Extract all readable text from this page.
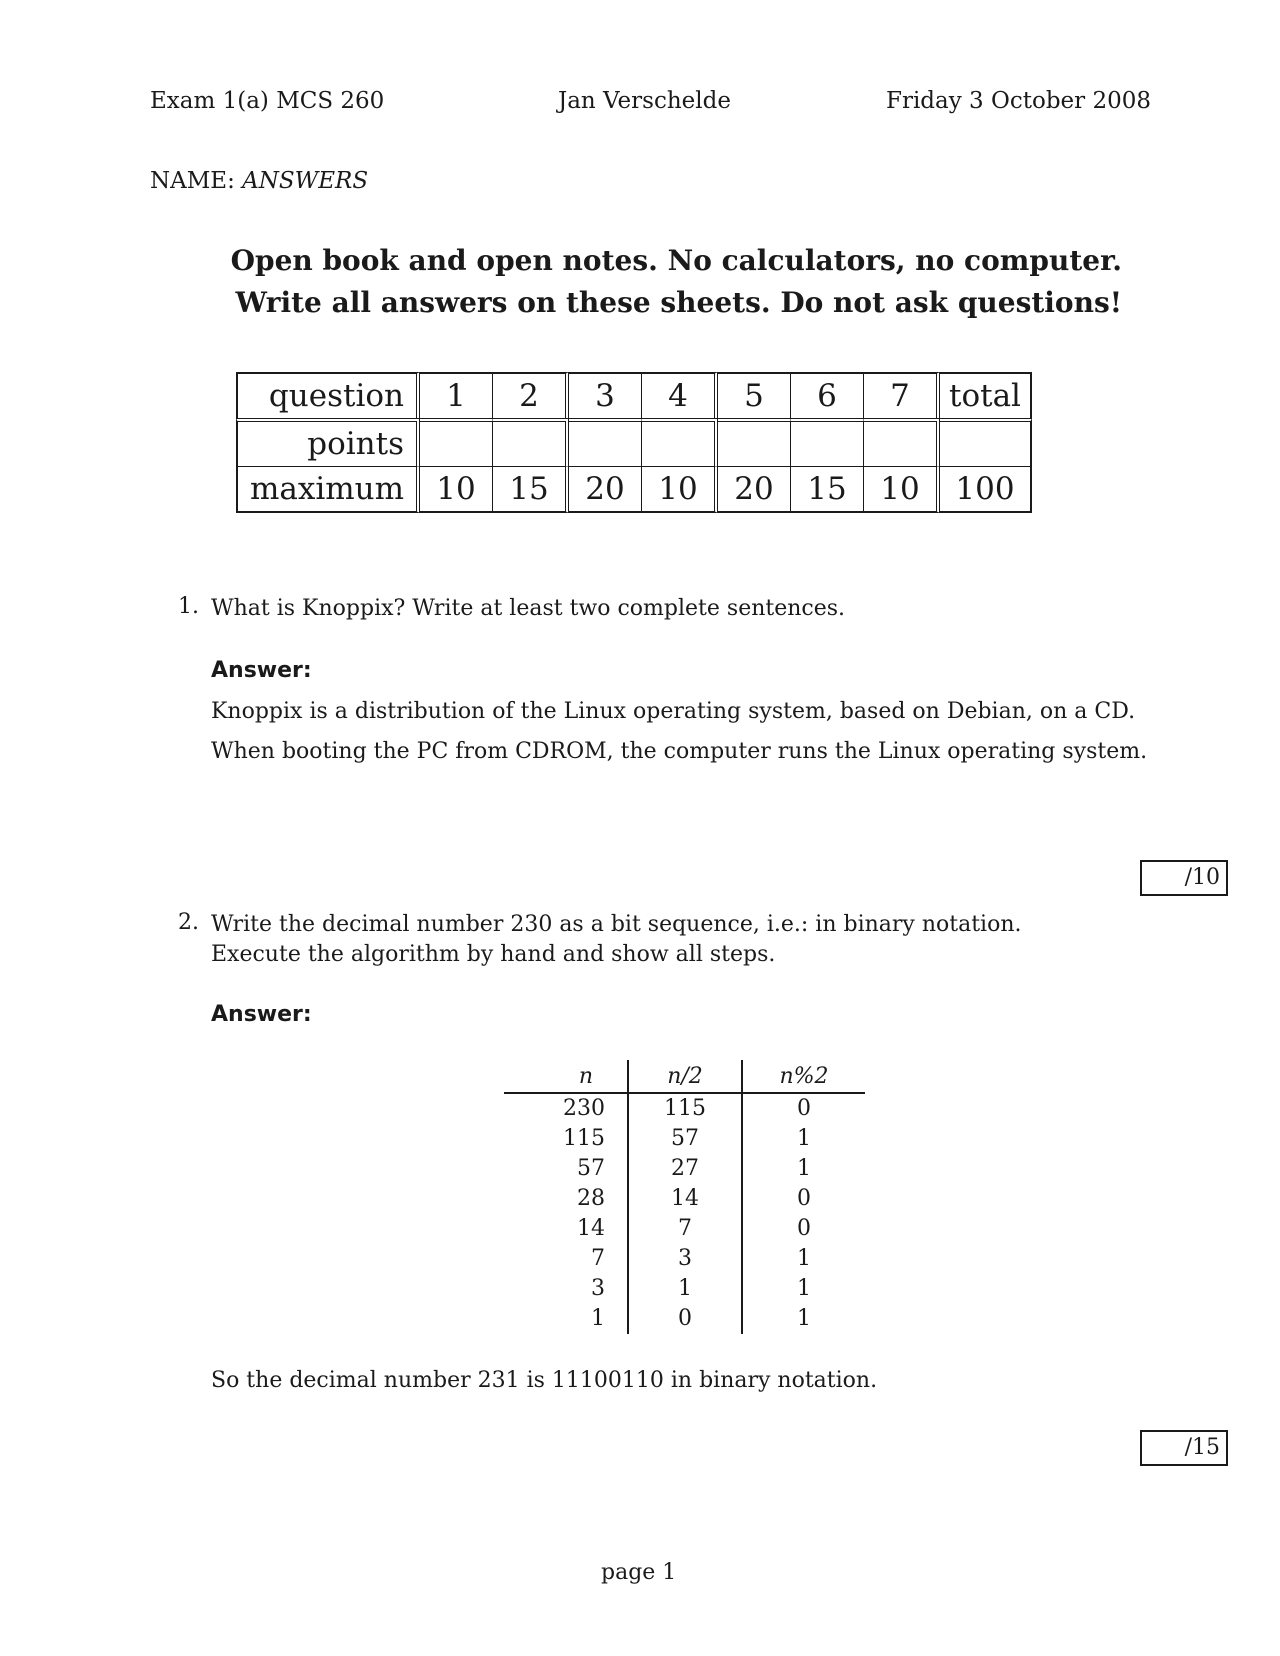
Exam 1(a) MCS 260	Jan Verschelde	Friday 3 October 2008
NAME: ANSWERS
Open book and open notes. No calculators, no computer.
Write all answers on these sheets. Do not ask questions!
question	1	2	3	4	5	6	7	total
points								
maximum	10	15	20	10	20	15	10	100
1. What is Knoppix? Write at least two complete sentences.
Answer:
Knoppix is a distribution of the Linux operating system, based on Debian, on a CD.
When booting the PC from CDROM, the computer runs the Linux operating system.
/10
2. Write the decimal number 230 as a bit sequence, i.e.: in binary notation.
Execute the algorithm by hand and show all steps.
Answer:
n	n/2	n%2
230	115	0
115	57	1
57	27	1
28	14	0
14	7	0
7	3	1
3	1	1
1	0	1
So the decimal number 231 is 11100110 in binary notation.
/15
page 1
